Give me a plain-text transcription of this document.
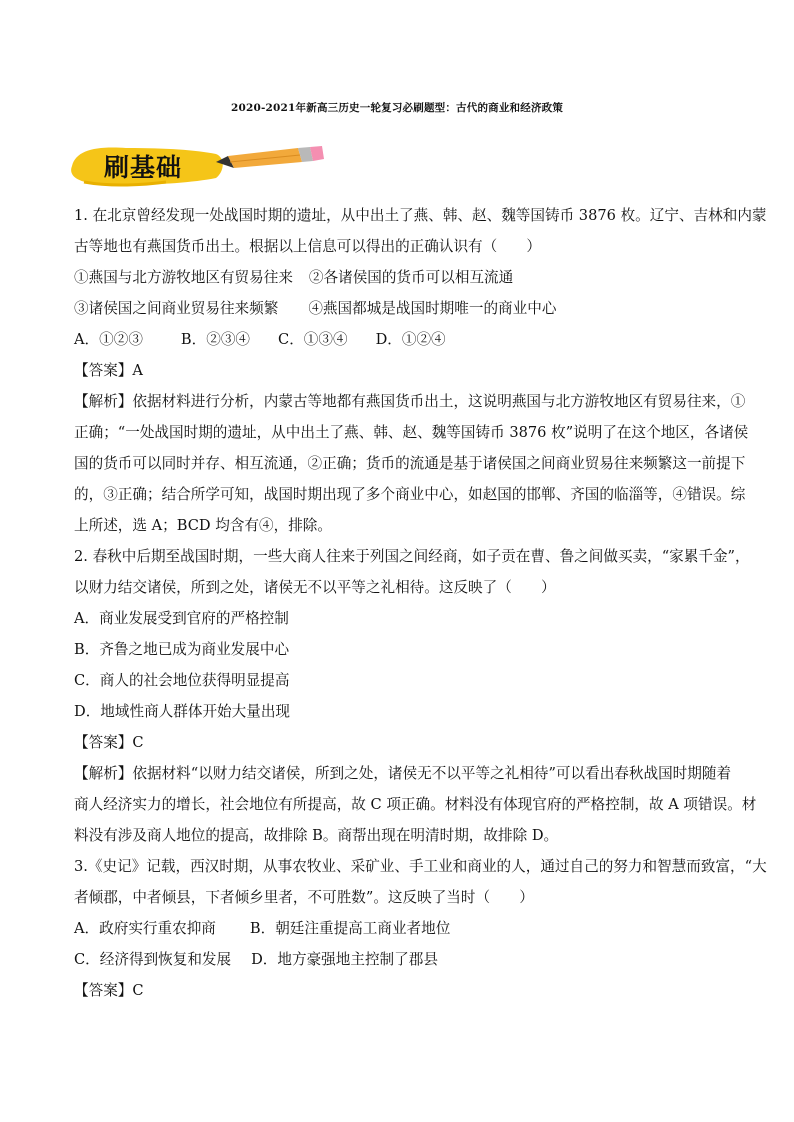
2020-2021年新高三历史一轮复习必刷题型：古代的商业和经济政策
刷基础
1. 在北京曾经发现一处战国时期的遗址，从中出土了燕、韩、赵、魏等国铸币 3876 枚。辽宁、吉林和内蒙
古等地也有燕国货币出土。根据以上信息可以得出的正确认识有（　　）
①燕国与北方游牧地区有贸易往来 ②各诸侯国的货币可以相互流通
③诸侯国之间商业贸易往来频繁 ④燕国都城是战国时期唯一的商业中心
A．①②③	B．②③④ C．①③④ D．①②④
【答案】A
【解析】依据材料进行分析，内蒙古等地都有燕国货币出土，这说明燕国与北方游牧地区有贸易往来，①
正确；“一处战国时期的遗址，从中出土了燕、韩、赵、魏等国铸币 3876 枚”说明了在这个地区，各诸侯
国的货币可以同时并存、相互流通，②正确；货币的流通是基于诸侯国之间商业贸易往来频繁这一前提下
的，③正确；结合所学可知，战国时期出现了多个商业中心，如赵国的邯郸、齐国的临淄等，④错误。综
上所述，选 A；BCD 均含有④，排除。
2. 春秋中后期至战国时期，一些大商人往来于列国之间经商，如子贡在曹、鲁之间做买卖，“家累千金”，
以财力结交诸侯，所到之处，诸侯无不以平等之礼相待。这反映了（　　）
A．商业发展受到官府的严格控制
B．齐鲁之地已成为商业发展中心
C．商人的社会地位获得明显提高
D．地域性商人群体开始大量出现
【答案】C
【解析】依据材料“以财力结交诸侯，所到之处，诸侯无不以平等之礼相待”可以看出春秋战国时期随着
商人经济实力的增长，社会地位有所提高，故 C 项正确。材料没有体现官府的严格控制，故 A 项错误。材
料没有涉及商人地位的提高，故排除 B。商帮出现在明清时期，故排除 D。
3.《史记》记载，西汉时期，从事农牧业、采矿业、手工业和商业的人，通过自己的努力和智慧而致富，“大
者倾郡，中者倾县，下者倾乡里者，不可胜数”。这反映了当时（　　）
A．政府实行重农抑商 B．朝廷注重提高工商业者地位
C．经济得到恢复和发展 D．地方豪强地主控制了郡县
【答案】C
